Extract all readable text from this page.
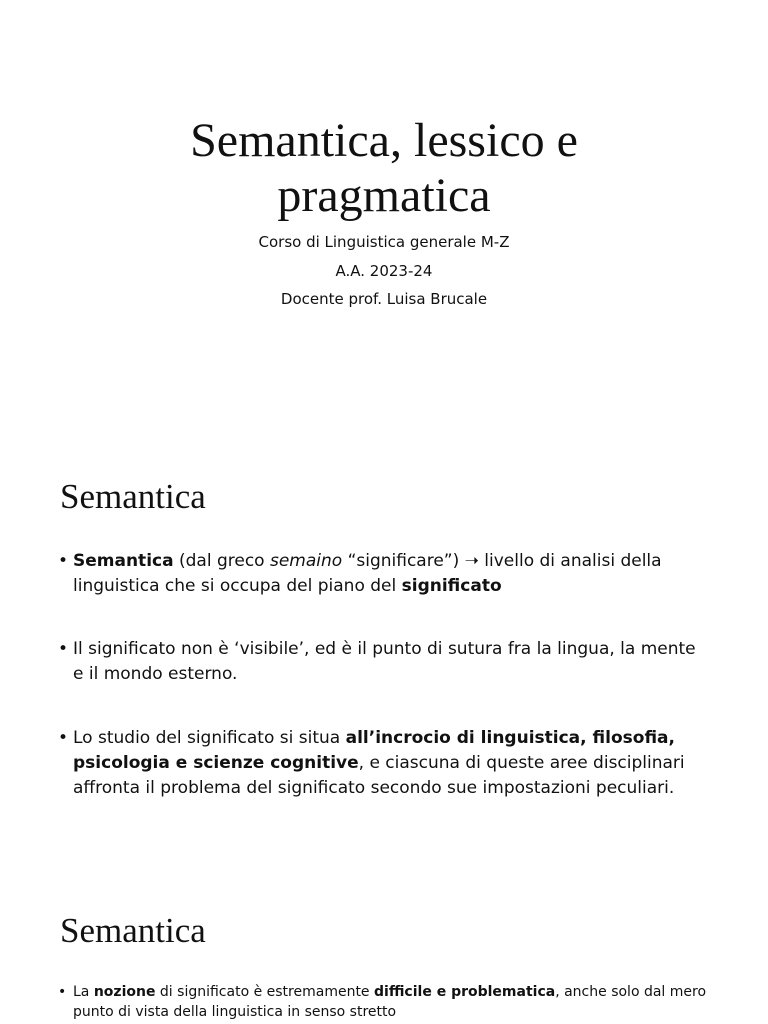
Semantica, lessico e
pragmatica
Corso di Linguistica generale M-Z
A.A. 2023-24
Docente prof. Luisa Brucale
Semantica
• Semantica (dal greco semaino “significare”) ➝ livello di analisi della linguistica che si occupa del piano del significato
• Il significato non è ‘visibile’, ed è il punto di sutura fra la lingua, la mente e il mondo esterno.
• Lo studio del significato si situa all’incrocio di linguistica, filosofia, psicologia e scienze cognitive, e ciascuna di queste aree disciplinari affronta il problema del significato secondo sue impostazioni peculiari.
Semantica
• La nozione di significato è estremamente difficile e problematica, anche solo dal mero punto di vista della linguistica in senso stretto
